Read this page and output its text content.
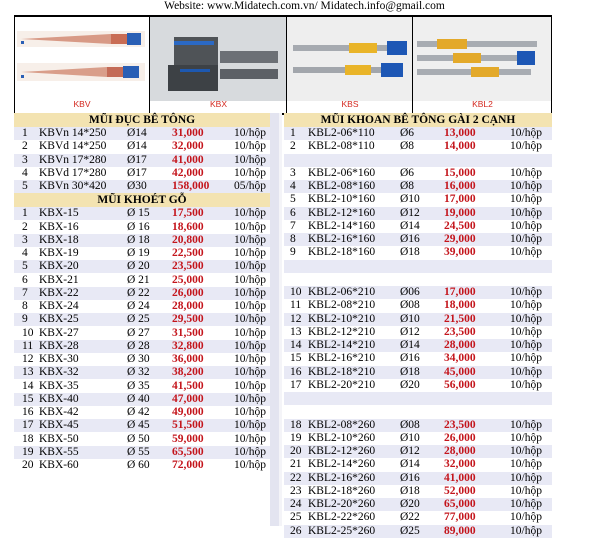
Website: www.Midatech.com.vn/ Midatech.info@gmail.com
KBV	KBX	KBS	KBL2
MŨI ĐỤC BÊ TÔNG
1 KBVn 14*250 Ø14 31,000	10/hộp
2 KBVd 14*250 Ø14 32,000	10/hộp
3 KBVn 17*280 Ø17 41,000	10/hộp
4 KBVd 17*280 Ø17 42,000	10/hộp
5 KBVn 30*420 Ø30 158,000 05/hộp
MŨI KHOÉT GỖ
1 KBX-15	Ø 15 17,500	10/hộp
2 KBX-16	Ø 16 18,600	10/hộp
3 KBX-18	Ø 18 20,800	10/hộp
4 KBX-19	Ø 19 22,500	10/hộp
5 KBX-20	Ø 20 23,500	10/hộp
6 KBX-21	Ø 21 25,000	10/hộp
7 KBX-22	Ø 22 26,000	10/hộp
8 KBX-24	Ø 24 28,000	10/hộp
9 KBX-25	Ø 25 29,500	10/hộp
10 KBX-27	Ø 27 31,500	10/hộp
11 KBX-28	Ø 28 32,800	10/hộp
12 KBX-30	Ø 30 36,000	10/hộp
13 KBX-32	Ø 32 38,200	10/hộp
14 KBX-35	Ø 35 41,500	10/hộp
15 KBX-40	Ø 40 47,000	10/hộp
16 KBX-42	Ø 42 49,000	10/hộp
17 KBX-45	Ø 45 51,500	10/hộp
18 KBX-50	Ø 50 59,000	10/hộp
19 KBX-55	Ø 55 65,500	10/hộp
20 KBX-60	Ø 60 72,000	10/hộp
MŨI KHOAN BÊ TÔNG GÀI 2 CẠNH
1 KBL2-06*110 Ø6	13,000	10/hộp
2 KBL2-08*110 Ø8	14,000	10/hộp
3 KBL2-06*160 Ø6	15,000	10/hộp
4 KBL2-08*160 Ø8	16,000	10/hộp
5 KBL2-10*160 Ø10 17,000	10/hộp
6 KBL2-12*160 Ø12 19,000	10/hộp
7 KBL2-14*160 Ø14 24,500	10/hộp
8 KBL2-16*160 Ø16 29,000	10/hộp
9 KBL2-18*160 Ø18 39,000	10/hộp
10 KBL2-06*210 Ø06 17,000	10/hộp
11 KBL2-08*210 Ø08 18,000	10/hộp
12 KBL2-10*210 Ø10 21,500	10/hộp
13 KBL2-12*210 Ø12 23,500	10/hộp
14 KBL2-14*210 Ø14 28,000	10/hộp
15 KBL2-16*210 Ø16 34,000	10/hộp
16 KBL2-18*210 Ø18 45,000	10/hộp
17 KBL2-20*210 Ø20 56,000	10/hộp
18 KBL2-08*260 Ø08 23,500	10/hộp
19 KBL2-10*260 Ø10 26,000	10/hộp
20 KBL2-12*260 Ø12 28,000	10/hộp
21 KBL2-14*260 Ø14 32,000	10/hộp
22 KBL2-16*260 Ø16 41,000	10/hộp
23 KBL2-18*260 Ø18 52,000	10/hộp
24 KBL2-20*260 Ø20 65,000	10/hộp
25 KBL2-22*260 Ø22 77,000	10/hộp
26 KBL2-25*260 Ø25 89,000	10/hộp
